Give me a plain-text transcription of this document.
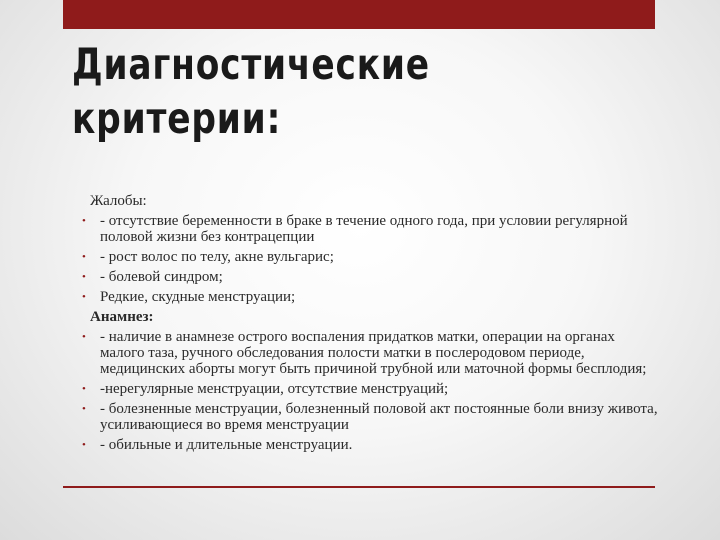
Диагностические
критерии:
Жалобы:
• - отсутствие беременности в браке в течение одного года, при условии регулярной половой жизни без контрацепции
• - рост волос по телу, акне вульгарис;
• - болевой синдром;
• Редкие, скудные менструации;
Анамнез:
• - наличие в анамнезе острого воспаления придатков матки, операции на органах малого таза, ручного обследования полости матки в послеродовом периоде, медицинских аборты могут быть причиной трубной или маточной формы бесплодия;
• -нерегулярные менструации, отсутствие менструаций;
• - болезненные менструации, болезненный половой акт постоянные боли внизу живота, усиливающиеся во время менструации
• - обильные и длительные менструации.
